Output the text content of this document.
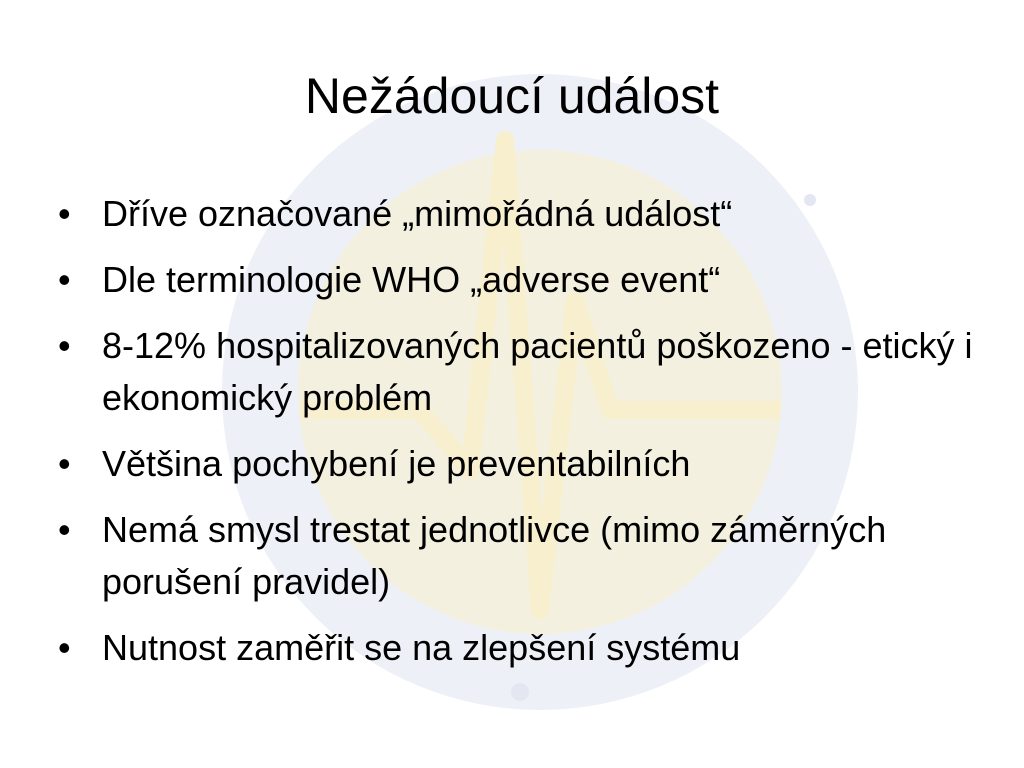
Nežádoucí událost
• Dříve označované „mimořádná událost“
• Dle terminologie WHO „adverse event“
• 8-12% hospitalizovaných pacientů poškozeno - etický i ekonomický problém
• Většina pochybení je preventabilních
• Nemá smysl trestat jednotlivce (mimo záměrných porušení pravidel)
• Nutnost zaměřit se na zlepšení systému
